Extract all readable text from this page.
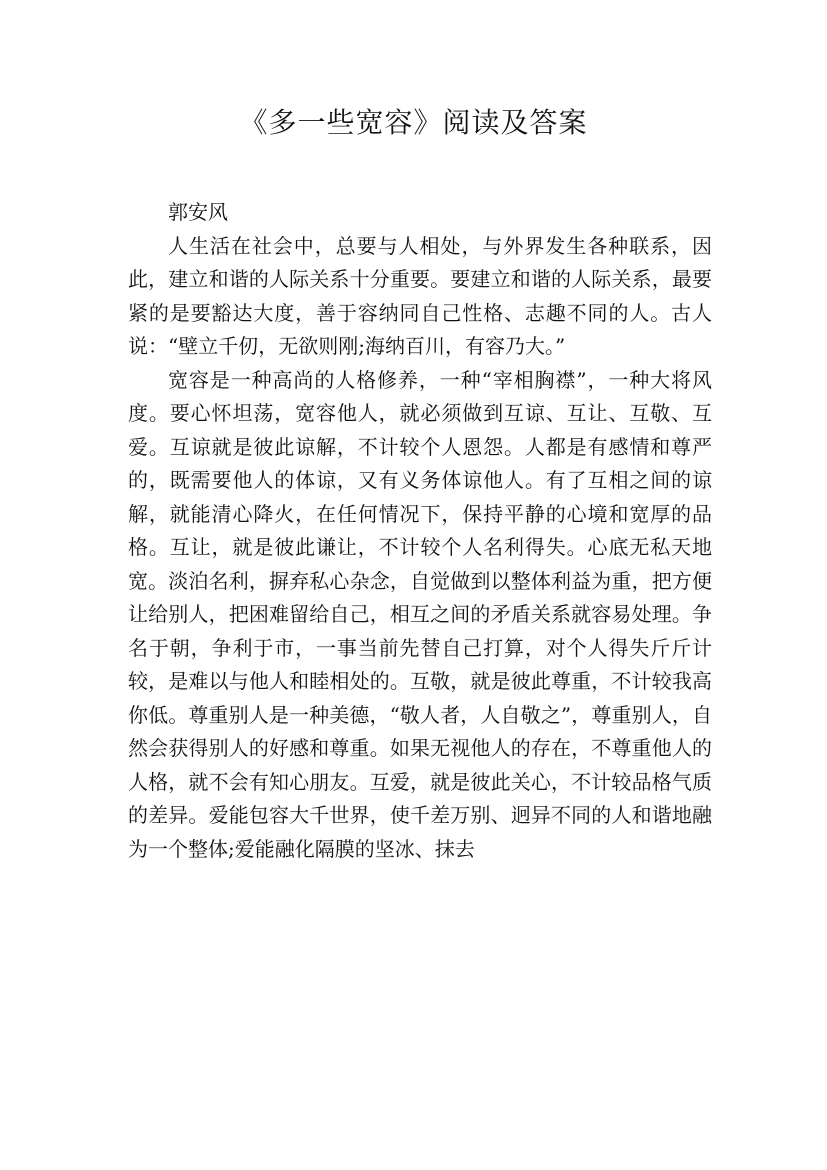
《多一些宽容》阅读及答案

郭安风

人生活在社会中，总要与人相处，与外界发生各种联系，因此，建立和谐的人际关系十分重要。要建立和谐的人际关系，最要紧的是要豁达大度，善于容纳同自己性格、志趣不同的人。古人说：“壁立千仞，无欲则刚;海纳百川，有容乃大。”

宽容是一种高尚的人格修养，一种“宰相胸襟”，一种大将风度。要心怀坦荡，宽容他人，就必须做到互谅、互让、互敬、互爱。互谅就是彼此谅解，不计较个人恩怨。人都是有感情和尊严的，既需要他人的体谅，又有义务体谅他人。有了互相之间的谅解，就能清心降火，在任何情况下，保持平静的心境和宽厚的品格。互让，就是彼此谦让，不计较个人名利得失。心底无私天地宽。淡泊名利，摒弃私心杂念，自觉做到以整体利益为重，把方便让给别人，把困难留给自己，相互之间的矛盾关系就容易处理。争名于朝，争利于市，一事当前先替自己打算，对个人得失斤斤计较，是难以与他人和睦相处的。互敬，就是彼此尊重，不计较我高你低。尊重别人是一种美德，“敬人者，人自敬之”，尊重别人，自然会获得别人的好感和尊重。如果无视他人的存在，不尊重他人的人格，就不会有知心朋友。互爱，就是彼此关心，不计较品格气质的差异。爱能包容大千世界，使千差万别、迥异不同的人和谐地融为一个整体;爱能融化隔膜的坚冰、抹去
